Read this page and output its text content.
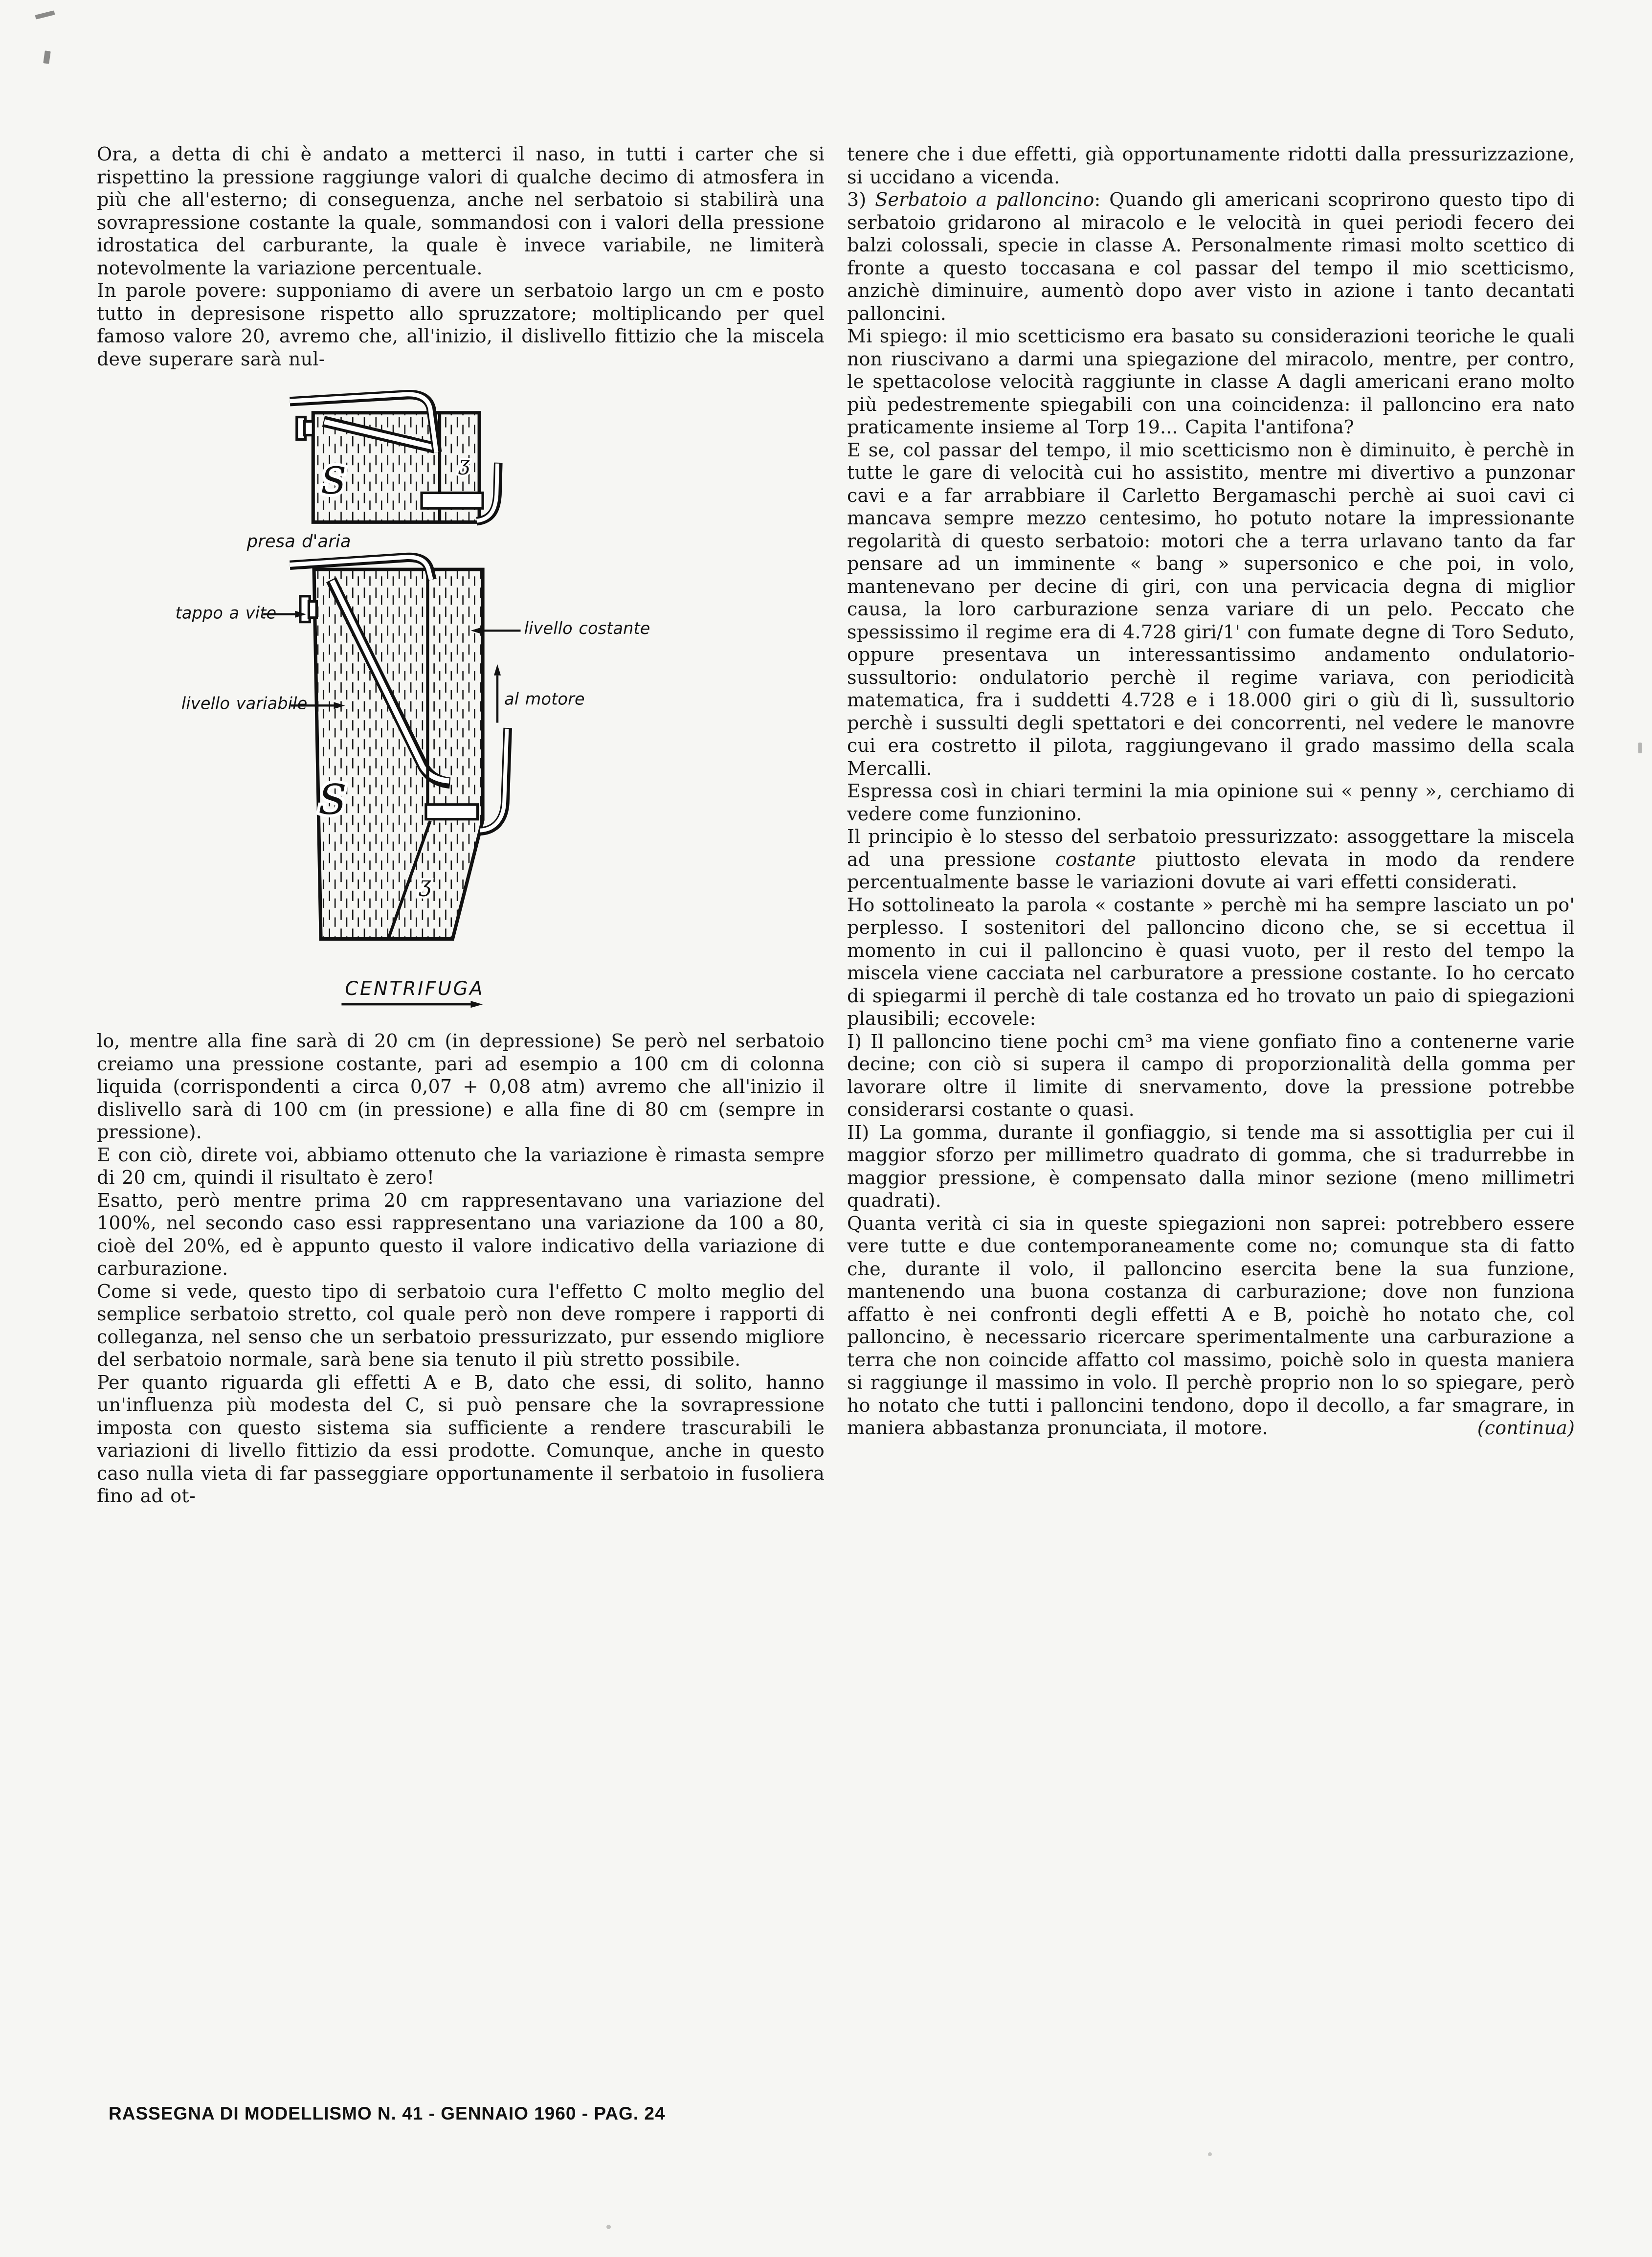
Ora, a detta di chi è andato a metterci il naso, in tutti i carter che si rispettino la pressione raggiunge valori di qualche decimo di atmosfera in più che all'esterno; di conseguenza, anche nel serbatoio si stabilirà una sovrapressione costante la quale, sommandosi con i valori della pressione idrostatica del carburante, la quale è invece variabile, ne limiterà notevolmente la variazione percentuale.

In parole povere: supponiamo di avere un serbatoio largo un cm e posto tutto in depresisone rispetto allo spruzzatore; moltiplicando per quel famoso valore 20, avremo che, all'inizio, il dislivello fittizio che la miscela deve superare sarà nul-

S	ʒ
presa d'aria
S
ʒ
tappo a vite
livello costante
livello variabile	al motore
CENTRIFUGA

lo, mentre alla fine sarà di 20 cm (in depressione) Se però nel serbatoio creiamo una pressione costante, pari ad esempio a 100 cm di colonna liquida (corrispondenti a circa 0,07 + 0,08 atm) avremo che all'inizio il dislivello sarà di 100 cm (in pressione) e alla fine di 80 cm (sempre in pressione).

E con ciò, direte voi, abbiamo ottenuto che la variazione è rimasta sempre di 20 cm, quindi il risultato è zero!

Esatto, però mentre prima 20 cm rappresentavano una variazione del 100%, nel secondo caso essi rappresentano una variazione da 100 a 80, cioè del 20%, ed è appunto questo il valore indicativo della variazione di carburazione.

Come si vede, questo tipo di serbatoio cura l'effetto C molto meglio del semplice serbatoio stretto, col quale però non deve rompere i rapporti di colleganza, nel senso che un serbatoio pressurizzato, pur essendo migliore del serbatoio normale, sarà bene sia tenuto il più stretto possibile.

Per quanto riguarda gli effetti A e B, dato che essi, di solito, hanno un'influenza più modesta del C, si può pensare che la sovrapressione imposta con questo sistema sia sufficiente a rendere trascurabili le variazioni di livello fittizio da essi prodotte. Comunque, anche in questo caso nulla vieta di far passeggiare opportunamente il serbatoio in fusoliera fino ad ot-

tenere che i due effetti, già opportunamente ridotti dalla pressurizzazione, si uccidano a vicenda.

3) Serbatoio a palloncino: Quando gli americani scoprirono questo tipo di serbatoio gridarono al miracolo e le velocità in quei periodi fecero dei balzi colossali, specie in classe A. Personalmente rimasi molto scettico di fronte a questo toccasana e col passar del tempo il mio scetticismo, anzichè diminuire, aumentò dopo aver visto in azione i tanto decantati palloncini.

Mi spiego: il mio scetticismo era basato su considerazioni teoriche le quali non riuscivano a darmi una spiegazione del miracolo, mentre, per contro, le spettacolose velocità raggiunte in classe A dagli americani erano molto più pedestremente spiegabili con una coincidenza: il palloncino era nato praticamente insieme al Torp 19... Capita l'antifona?

E se, col passar del tempo, il mio scetticismo non è diminuito, è perchè in tutte le gare di velocità cui ho assistito, mentre mi divertivo a punzonar cavi e a far arrabbiare il Carletto Bergamaschi perchè ai suoi cavi ci mancava sempre mezzo centesimo, ho potuto notare la impressionante regolarità di questo serbatoio: motori che a terra urlavano tanto da far pensare ad un imminente « bang » supersonico e che poi, in volo, mantenevano per decine di giri, con una pervicacia degna di miglior causa, la loro carburazione senza variare di un pelo. Peccato che spessissimo il regime era di 4.728 giri/1' con fumate degne di Toro Seduto, oppure presentava un interessantissimo andamento ondulatorio-sussultorio: ondulatorio perchè il regime variava, con periodicità matematica, fra i suddetti 4.728 e i 18.000 giri o giù di lì, sussultorio perchè i sussulti degli spettatori e dei concorrenti, nel vedere le manovre cui era costretto il pilota, raggiungevano il grado massimo della scala Mercalli.

Espressa così in chiari termini la mia opinione sui « penny », cerchiamo di vedere come funzionino.

Il principio è lo stesso del serbatoio pressurizzato: assoggettare la miscela ad una pressione costante piuttosto elevata in modo da rendere percentualmente basse le variazioni dovute ai vari effetti considerati.

Ho sottolineato la parola « costante » perchè mi ha sempre lasciato un po' perplesso. I sostenitori del palloncino dicono che, se si eccettua il momento in cui il palloncino è quasi vuoto, per il resto del tempo la miscela viene cacciata nel carburatore a pressione costante. Io ho cercato di spiegarmi il perchè di tale costanza ed ho trovato un paio di spiegazioni plausibili; eccovele:

I) Il palloncino tiene pochi cm³ ma viene gonfiato fino a contenerne varie decine; con ciò si supera il campo di proporzionalità della gomma per lavorare oltre il limite di snervamento, dove la pressione potrebbe considerarsi costante o quasi.

II) La gomma, durante il gonfiaggio, si tende ma si assottiglia per cui il maggior sforzo per millimetro quadrato di gomma, che si tradurrebbe in maggior pressione, è compensato dalla minor sezione (meno millimetri quadrati).

Quanta verità ci sia in queste spiegazioni non saprei: potrebbero essere vere tutte e due contemporaneamente come no; comunque sta di fatto che, durante il volo, il palloncino esercita bene la sua funzione, mantenendo una buona costanza di carburazione; dove non funziona affatto è nei confronti degli effetti A e B, poichè ho notato che, col palloncino, è necessario ricercare sperimentalmente una carburazione a terra che non coincide affatto col massimo, poichè solo in questa maniera si raggiunge il massimo in volo. Il perchè proprio non lo so spiegare, però ho notato che tutti i palloncini tendono, dopo il decollo, a far smagrare, in maniera abbastanza pronunciata, il motore.	(continua)

RASSEGNA DI MODELLISMO N. 41 - GENNAIO 1960 - PAG. 24
